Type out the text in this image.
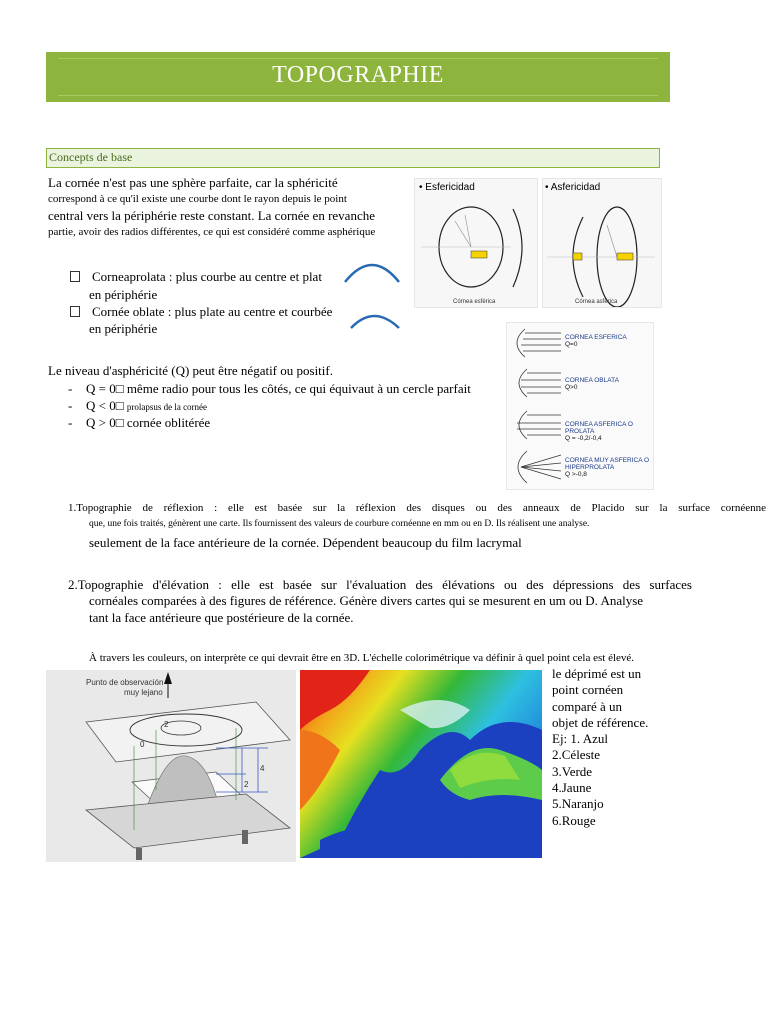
TOPOGRAPHIE
Concepts de base
La cornée n'est pas une sphère parfaite, car la sphéricité
correspond à ce qu'il existe une courbe dont le rayon depuis le point
central vers la périphérie reste constant. La cornée en revanche
partie, avoir des radios différentes, ce qui est considéré comme asphérique
• Esfericidad
Córnea esférica
• Asfericidad
Córnea asférica
Corneaprolata : plus courbe au centre et plat
en périphérie
Cornée oblate : plus plate au centre et courbée
en périphérie
Le niveau d'asphéricité (Q) peut être négatif ou positif.
- Q = 0□ même radio pour tous les côtés, ce qui équivaut à un cercle parfait
- Q < 0□ prolapsus de la cornée
- Q > 0□ cornée oblitérée
CORNEA ESFERICA
Q=0
CORNEA OBLATA
Q>0
CORNEA ASFERICA O PROLATA
Q = -0,2/-0,4
CORNEA MUY ASFERICA O
HIPERPROLATA
Q >-0,8
1.Topographie de réflexion : elle est basée sur la réflexion des disques ou des anneaux de Placido sur la surface cornéenne
que, une fois traités, génèrent une carte. Ils fournissent des valeurs de courbure cornéenne en mm ou en D. Ils réalisent une analyse.
seulement de la face antérieure de la cornée. Dépendent beaucoup du film lacrymal
2.Topographie d'élévation : elle est basée sur l'évaluation des élévations ou des dépressions des surfaces
cornéales comparées à des figures de référence. Génère divers cartes qui se mesurent en um ou D. Analyse
tant la face antérieure que postérieure de la cornée.
À travers les couleurs, on interprète ce qui devrait être en 3D. L'échelle colorimétrique va définir à quel point cela est élevé.
Punto de observación
muy lejano
0
2
4
2
le déprimé est un
point cornéen
comparé à un
objet de référence.
Ej: 1. Azul
2.Céleste
3.Verde
4.Jaune
5.Naranjo
6.Rouge
